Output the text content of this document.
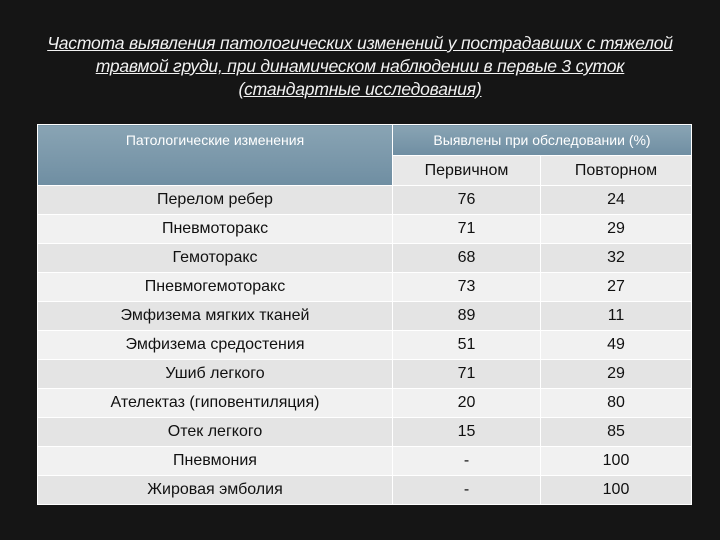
Частота выявления патологических изменений у пострадавших с тяжелой
травмой груди, при динамическом наблюдении в первые 3 суток
(стандартные исследования)
Патологические изменения	Выявлены при обследовании (%)	
	Первичном	Повторном
Перелом ребер	76	24
Пневмоторакс	71	29
Гемоторакс	68	32
Пневмогемоторакс	73	27
Эмфизема мягких тканей	89	11
Эмфизема средостения	51	49
Ушиб легкого	71	29
Ателектаз (гиповентиляция)	20	80
Отек легкого	15	85
Пневмония	-	100
Жировая эмболия	-	100
